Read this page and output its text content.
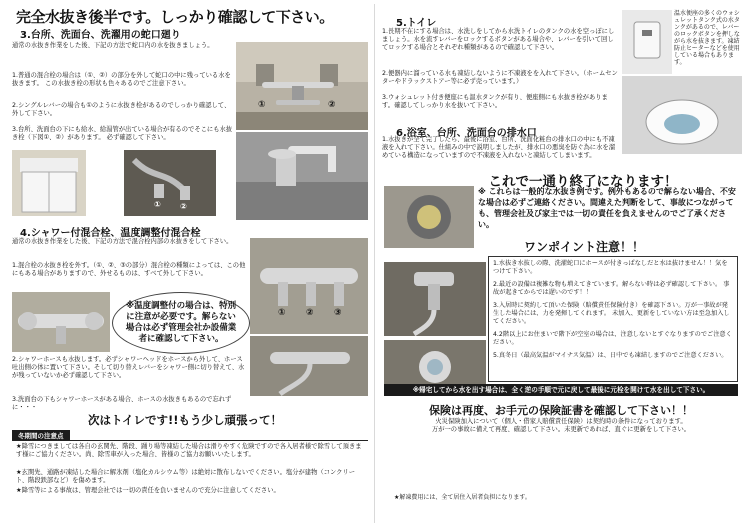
完全水抜き後半です。しっかり確認して下さい。
3.台所、洗面台、洗濯用の蛇口廻り
通常の水抜き作業をした後、下記の方法で蛇口内の水を抜きましょう。
1.普通の混合栓の場合は（①、②）の部分を外して蛇口の中に残っている水を抜きます。 この水抜き栓の形状も色々あるのでご注意下さい。
2.シングルレバーの場合も①のように水抜き栓があるのでしっかり確認して、外して下さい。
3.台所、洗面台の下にも給水、給湯管が出ている場合が有るのでそこにも水抜き栓（下図①、②）があります。 必ず確認して下さい。
①	②
① ②
4.シャワー付混合栓、温度調整付混合栓
通常の水抜き作業をした後、下記の方法で混合栓内部の水抜きをして下さい。
1.混合栓の水抜き栓を外す。（①、②、③の部分）混合栓の種類によっては、この他にもある場合がありますので、外せるものは、すべて外して下さい。
※温度調整付の場合は、特別に注意が必要です。解らない場合は必ず管理会社か設備業者に確認して下さい。
① ② ③
2.シャワーホースも水抜します。必ずシャワーヘッドをホースから外して、ホース吐出側の体に置いて下さい。そして切り替えレバーをシャワー側に切り替えて、水が残っていないか必ず確認して下さい。
3.洗面台の下もシャワーホースがある場合、ホースの水抜きもあるので忘れずに・・・
次はトイレです!!もう少し頑張って！
冬期間の注意点
★降雪につきましては各自の玄関先、階段、踊り場等凍結した場合は滑りやすく危険ですので各入居者様で除雪して頂きます様にご協力ください。尚、除雪車が入った場合、皆様のご協力お願いいたします。
★玄関先、通路が凍結した場合に解氷剤（塩化カルシウム等）は絶対に散布しないでください。塩分が建物（コンクリート、階段鉄部など）を傷めます。
★降雪等による事故は、管理会社では一切の責任を負いませんので充分に注意してください。
5.トイレ
1.長期不在にする場合は、水洗しをしてから水洗トイレのタンクの水を空っぽにしましょう。水を流すレバーをロックするボタンがある場合や、レバーを引いて回してロックする場合とそれぞれ種類があるので確認して下さい。
2.便器内に溜っている水も凍結しないように不凍液をを入れて下さい。（ホームセンターやドラックストアー等に必ず売っています。）
3.ウォシュレット付き便座にも温水タンクが有り、便座側にも水抜き栓があります。確認してしっかり水を抜いて下さい。
温水便座の多くのウォシュレットタンク式の水タンクがあるので、レバーのロックボタンを押しながら水を抜きます。凍結防止ヒーターなどを使用している場合もあります。
6.浴室、台所、洗面台の排水口
1.水抜きが全て完了したら、最後に浴室、台所、洗面化粧台の排水口の中にも不凍液を入れて下さい。仕組みの中で説明しましたが、排水口の悪臭を防ぐ為に水を溜めている構造になっていますので不凍液を入れないと凍結してしまいます。
これで一通り終了になります！
※ これらは一般的な水抜き例です。例外もあるので解らない場合、不安な場合は必ずご連絡ください。間違えた判断をして、事故につながっても、管理会社及び家主では一切の責任を負えませんのでご了承ください。
ワンポイント注意！！
1.水抜き水抜しの際、洗濯蛇口にホースが付きっぱなしだと水は抜けません！！気をつけて下さい。
2.最近の設備は複雑な物も増えてきています。解らない時は必ず確認して下さい。 事故が起きてからでは遅いのです！！
3.入居時に契約して頂いた保険（賠償責任保険付き）を確認下さい。万が一事故が発生した場合には、力を発揮してくれます。 未加入、更新をしていない方は至急加入してください。
4.2階以上にお住まいで階下が空室の場合は、注意しないとすぐなりますのでご注意ください。
5.真冬日（最高気温がマイナス気温）は、日中でも凍結しますのでご注意ください。
※帰宅してから水を出す場合は、全く逆の手順で元に戻して最後に元栓を開けて水を出して下さい。
保険は再度、お手元の保険証書を確認して下さい！！
火災保険加入について（個人・借家人賠償責任保険）は契約時の条件になっております。
万が一の事故に備えて再度、確認して下さい。未更新であれば、直ぐに更新をして下さい。
★解凍費用には、全て居住入居者負担になります。
